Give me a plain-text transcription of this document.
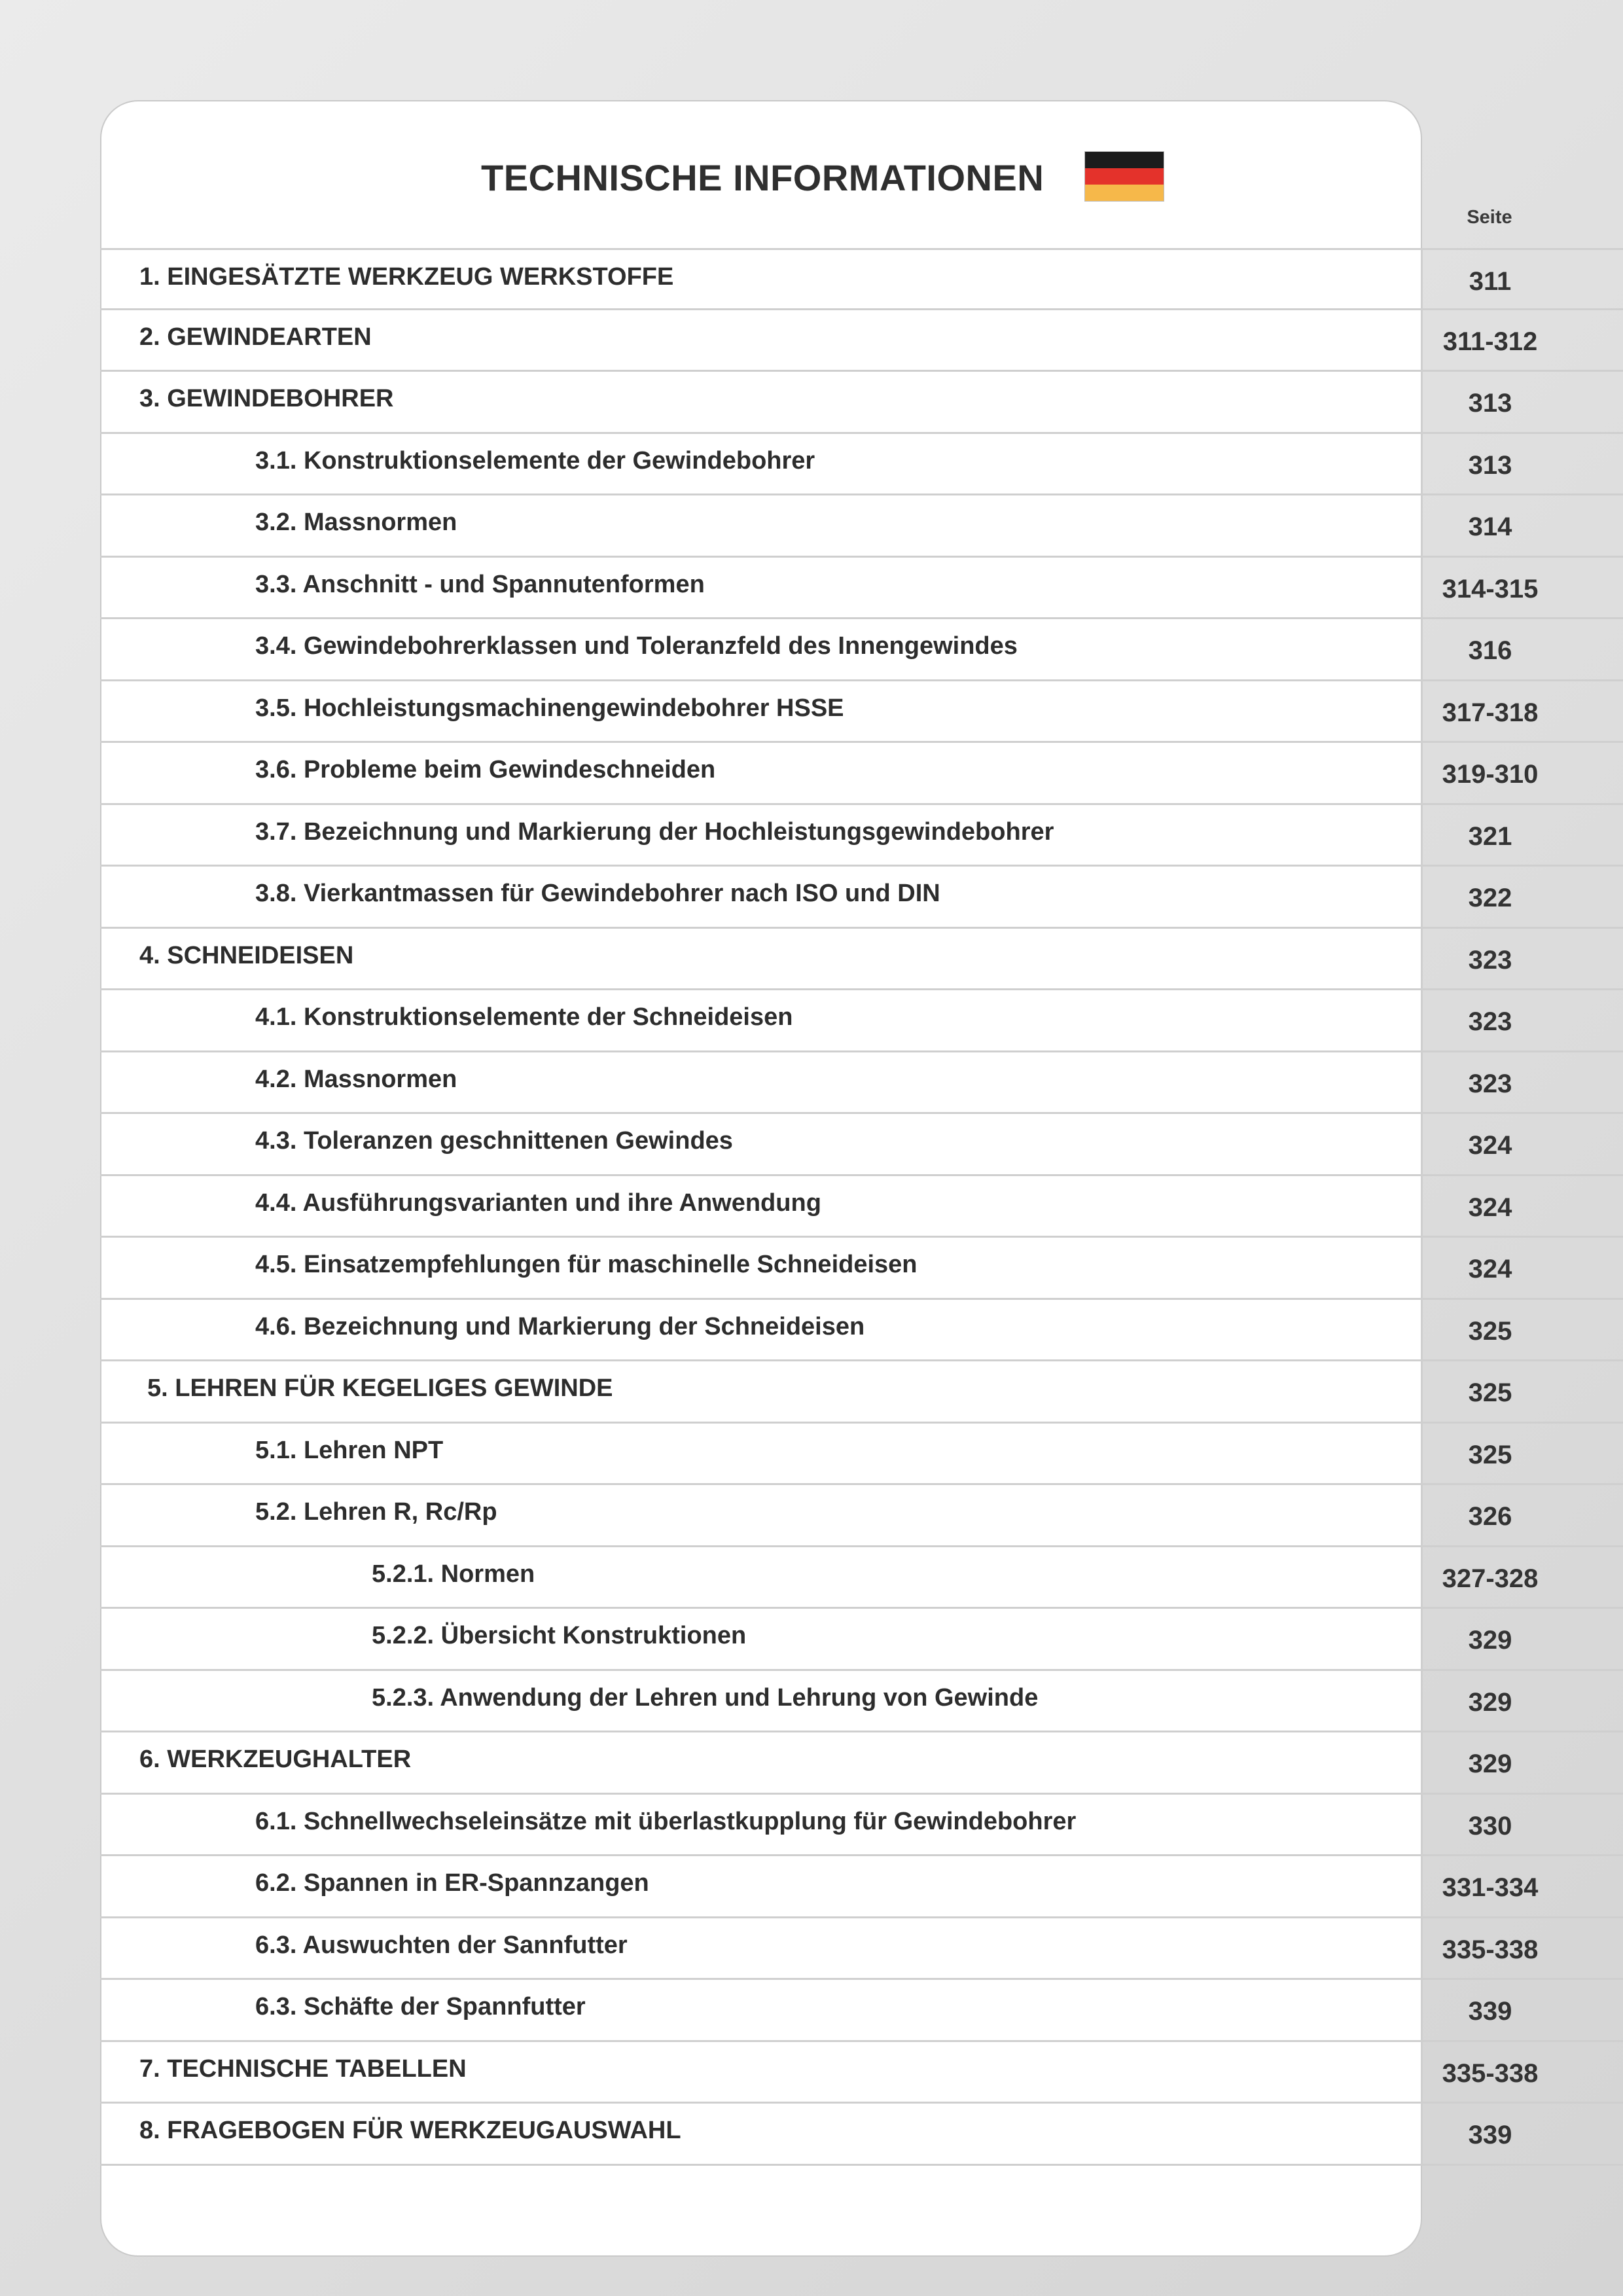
TECHNISCHE INFORMATIONEN
Seite
1. EINGESÄTZTE WERKZEUG WERKSTOFFE	311
2. GEWINDEARTEN	311-312
3. GEWINDEBOHRER	313
3.1. Konstruktionselemente der Gewindebohrer	313
3.2. Massnormen	314
3.3. Anschnitt - und Spannutenformen	314-315
3.4. Gewindebohrerklassen und Toleranzfeld des Innengewindes	316
3.5. Hochleistungsmachinengewindebohrer HSSE	317-318
3.6. Probleme beim Gewindeschneiden	319-310
3.7. Bezeichnung und Markierung der Hochleistungsgewindebohrer	321
3.8. Vierkantmassen für Gewindebohrer nach ISO und DIN	322
4. SCHNEIDEISEN	323
4.1. Konstruktionselemente der Schneideisen	323
4.2. Massnormen	323
4.3. Toleranzen geschnittenen Gewindes	324
4.4. Ausführungsvarianten und ihre Anwendung	324
4.5. Einsatzempfehlungen für maschinelle Schneideisen	324
4.6. Bezeichnung und Markierung der Schneideisen	325
5. LEHREN FÜR KEGELIGES GEWINDE	325
5.1. Lehren NPT	325
5.2. Lehren R, Rc/Rp	326
5.2.1. Normen	327-328
5.2.2. Übersicht Konstruktionen	329
5.2.3. Anwendung der Lehren und Lehrung von Gewinde	329
6. WERKZEUGHALTER	329
6.1. Schnellwechseleinsätze mit überlastkupplung für Gewindebohrer	330
6.2. Spannen in ER-Spannzangen	331-334
6.3. Auswuchten der Sannfutter	335-338
6.3. Schäfte der Spannfutter	339
7. TECHNISCHE TABELLEN	335-338
8. FRAGEBOGEN FÜR WERKZEUGAUSWAHL	339
